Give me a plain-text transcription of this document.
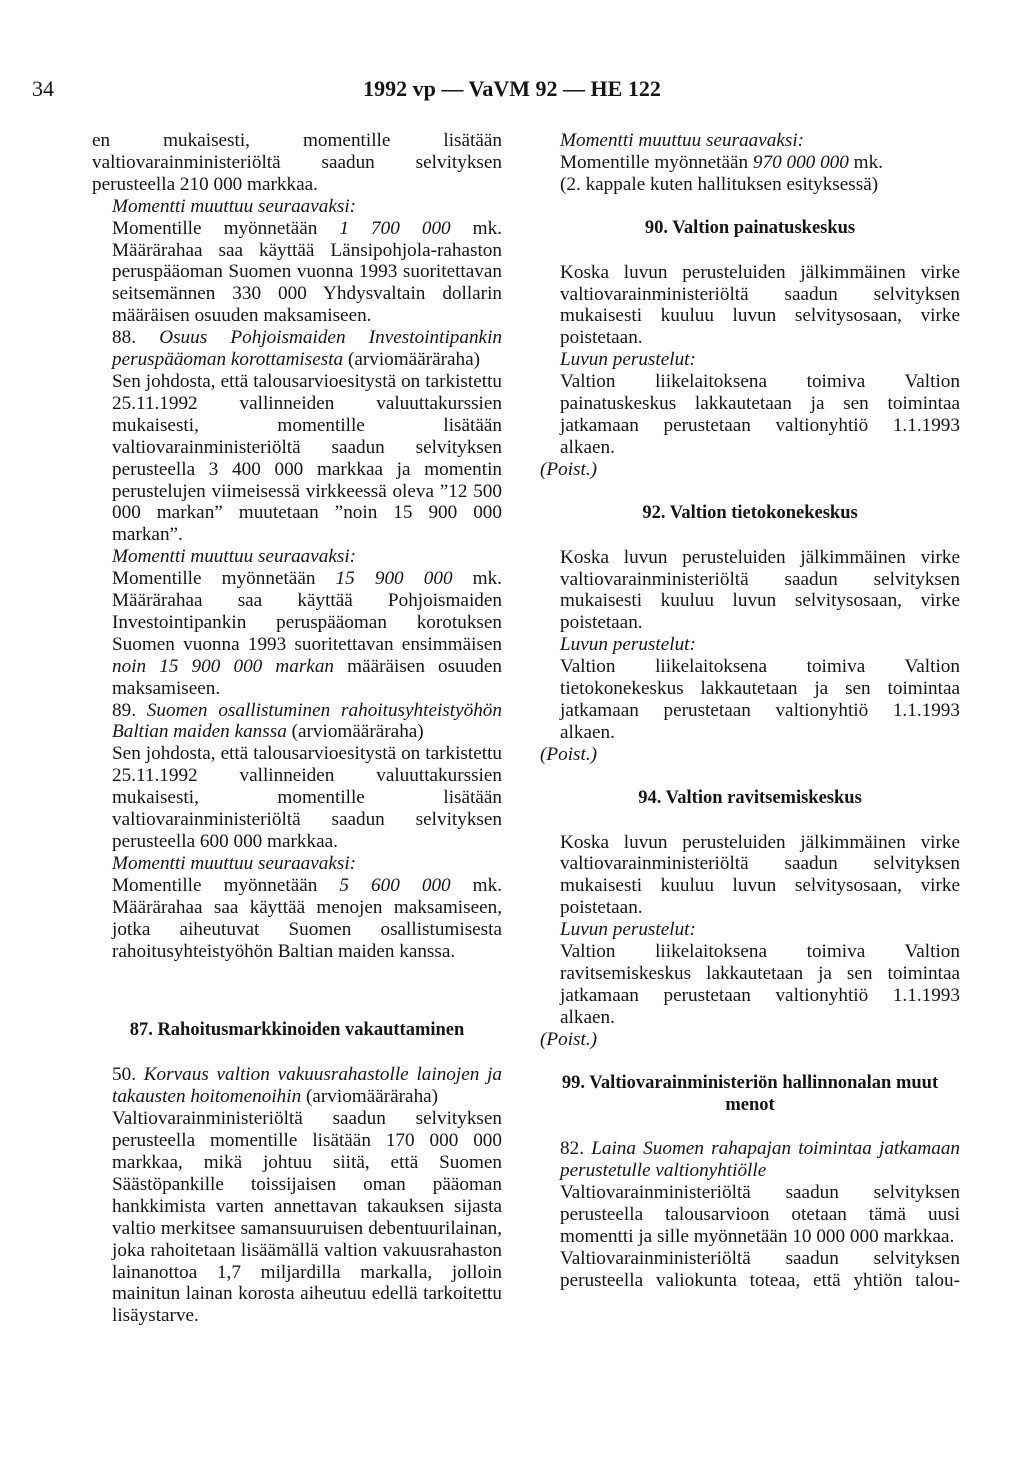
34	1992 vp — VaVM 92 — HE 122

en mukaisesti, momentille lisätään valtiovarainministeriöltä saadun selvityksen perusteella 210 000 markkaa.

Momentti muuttuu seuraavaksi:

Momentille myönnetään 1 700 000 mk. Määrärahaa saa käyttää Länsipohjola-rahaston peruspääoman Suomen vuonna 1993 suoritettavan seitsemännen 330 000 Yhdysvaltain dollarin määräisen osuuden maksamiseen.

88. Osuus Pohjoismaiden Investointipankin peruspääoman korottamisesta (arviomääräraha)

Sen johdosta, että talousarvioesitystä on tarkistettu 25.11.1992 vallinneiden valuuttakurssien mukaisesti, momentille lisätään valtiovarainministeriöltä saadun selvityksen perusteella 3 400 000 markkaa ja momentin perustelujen viimeisessä virkkeessä oleva ”12 500 000 markan” muutetaan ”noin 15 900 000 markan”.

Momentti muuttuu seuraavaksi:

Momentille myönnetään 15 900 000 mk. Määrärahaa saa käyttää Pohjoismaiden Investointipankin peruspääoman korotuksen Suomen vuonna 1993 suoritettavan ensimmäisen noin 15 900 000 markan määräisen osuuden maksamiseen.

89. Suomen osallistuminen rahoitusyhteistyöhön Baltian maiden kanssa (arviomääräraha)

Sen johdosta, että talousarvioesitystä on tarkistettu 25.11.1992 vallinneiden valuuttakurssien mukaisesti, momentille lisätään valtiovarainministeriöltä saadun selvityksen perusteella 600 000 markkaa.

Momentti muuttuu seuraavaksi:

Momentille myönnetään 5 600 000 mk. Määrärahaa saa käyttää menojen maksamiseen, jotka aiheutuvat Suomen osallistumisesta rahoitusyhteistyöhön Baltian maiden kanssa.

87. Rahoitusmarkkinoiden vakauttaminen

50. Korvaus valtion vakuusrahastolle lainojen ja takausten hoitomenoihin (arviomääräraha)

Valtiovarainministeriöltä saadun selvityksen perusteella momentille lisätään 170 000 000 markkaa, mikä johtuu siitä, että Suomen Säästöpankille toissijaisen oman pääoman hankkimista varten annettavan takauksen sijasta valtio merkitsee samansuuruisen debentuurilainan, joka rahoitetaan lisäämällä valtion vakuusrahaston lainanottoa 1,7 miljardilla markalla, jolloin mainitun lainan korosta aiheutuu edellä tarkoitettu lisäystarve.

Momentti muuttuu seuraavaksi:

Momentille myönnetään 970 000 000 mk.

(2. kappale kuten hallituksen esityksessä)

90. Valtion painatuskeskus

Koska luvun perusteluiden jälkimmäinen virke valtiovarainministeriöltä saadun selvityksen mukaisesti kuuluu luvun selvitysosaan, virke poistetaan.

Luvun perustelut:

Valtion liikelaitoksena toimiva Valtion painatuskeskus lakkautetaan ja sen toimintaa jatkamaan perustetaan valtionyhtiö 1.1.1993 alkaen.

(Poist.)

92. Valtion tietokonekeskus

Koska luvun perusteluiden jälkimmäinen virke valtiovarainministeriöltä saadun selvityksen mukaisesti kuuluu luvun selvitysosaan, virke poistetaan.

Luvun perustelut:

Valtion liikelaitoksena toimiva Valtion tietokonekeskus lakkautetaan ja sen toimintaa jatkamaan perustetaan valtionyhtiö 1.1.1993 alkaen.

(Poist.)

94. Valtion ravitsemiskeskus

Koska luvun perusteluiden jälkimmäinen virke valtiovarainministeriöltä saadun selvityksen mukaisesti kuuluu luvun selvitysosaan, virke poistetaan.

Luvun perustelut:

Valtion liikelaitoksena toimiva Valtion ravitsemiskeskus lakkautetaan ja sen toimintaa jatkamaan perustetaan valtionyhtiö 1.1.1993 alkaen.

(Poist.)

99. Valtiovarainministeriön hallinnonalan muut menot

82. Laina Suomen rahapajan toimintaa jatkamaan perustetulle valtionyhtiölle

Valtiovarainministeriöltä saadun selvityksen perusteella talousarvioon otetaan tämä uusi momentti ja sille myönnetään 10 000 000 markkaa.

Valtiovarainministeriöltä saadun selvityksen perusteella valiokunta toteaa, että yhtiön talou-
